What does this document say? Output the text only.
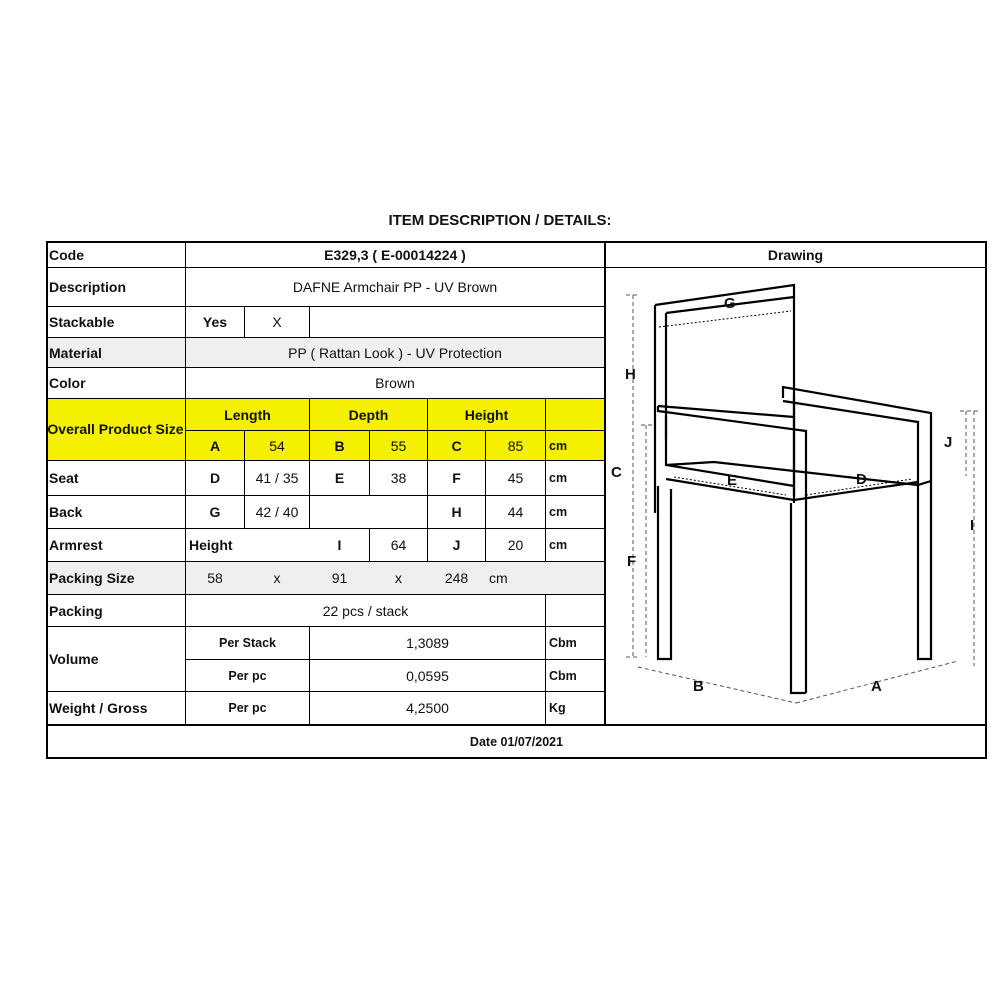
ITEM DESCRIPTION / DETAILS:
Code	E329,3 ( E-00014224 )	Drawing
Description	DAFNE Armchair PP - UV Brown
Stackable	Yes	X
Material	PP ( Rattan Look ) - UV Protection
Color	Brown
Overall Product Size
Length	Depth	Height
A	54	B	55	C	85	cm
Seat	D	41 / 35	E	38	F	45	cm
Back	G	42 / 40	H	44	cm
Armrest	Height	I	64	J	20	cm
Packing Size	58	x	91	x	248	cm
Packing	22 pcs / stack
Volume
Per Stack	1,3089	Cbm
Per pc	0,0595	Cbm
Weight / Gross	Per pc	4,2500	Kg
Date 01/07/2021
G
H
C	E	D
F
J
I
B	A
